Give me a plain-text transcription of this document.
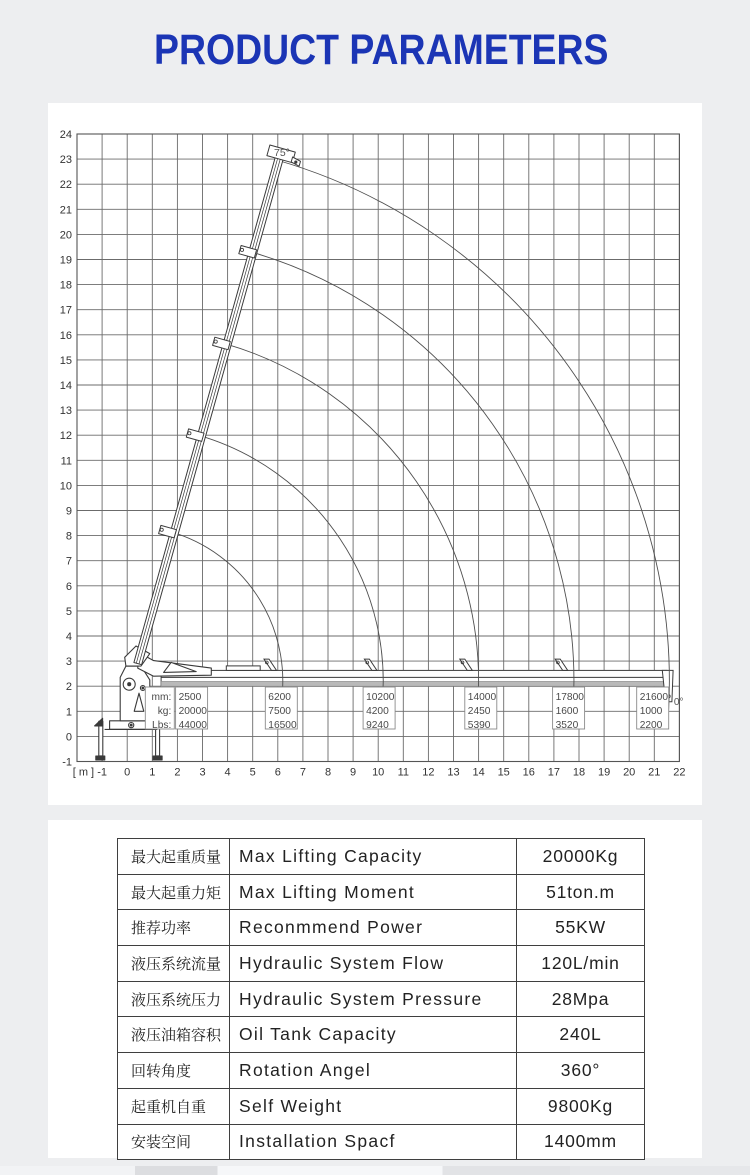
PRODUCT PARAMETERS
24
23
22
21
20
19
18
17
16
15
14
13
12
11
10
9
8
7
6
5
4
3
2
1
0
-1
-1 0 1 2 3 4 5 6 7 8 9 10 11 12 13 14 15 16 17 18 19 20 21 22
[ m ]
mm:
kg:
Lbs:
2500
20000
44000
6200
7500
16500
10200
4200
9240
14000
2450
5390
17800
1600
3520
21600
1000
2200
75°
0°
最大起重质量	Max Lifting Capacity	20000Kg
最大起重力矩	Max Lifting Moment	51ton.m
推荐功率	Reconmmend Power	55KW
液压系统流量	Hydraulic System Flow	120L/min
液压系统压力	Hydraulic System Pressure	28Mpa
液压油箱容积	Oil Tank Capacity	240L
回转角度	Rotation Angel	360°
起重机自重	Self Weight	9800Kg
安装空间	Installation Spacf	1400mm
